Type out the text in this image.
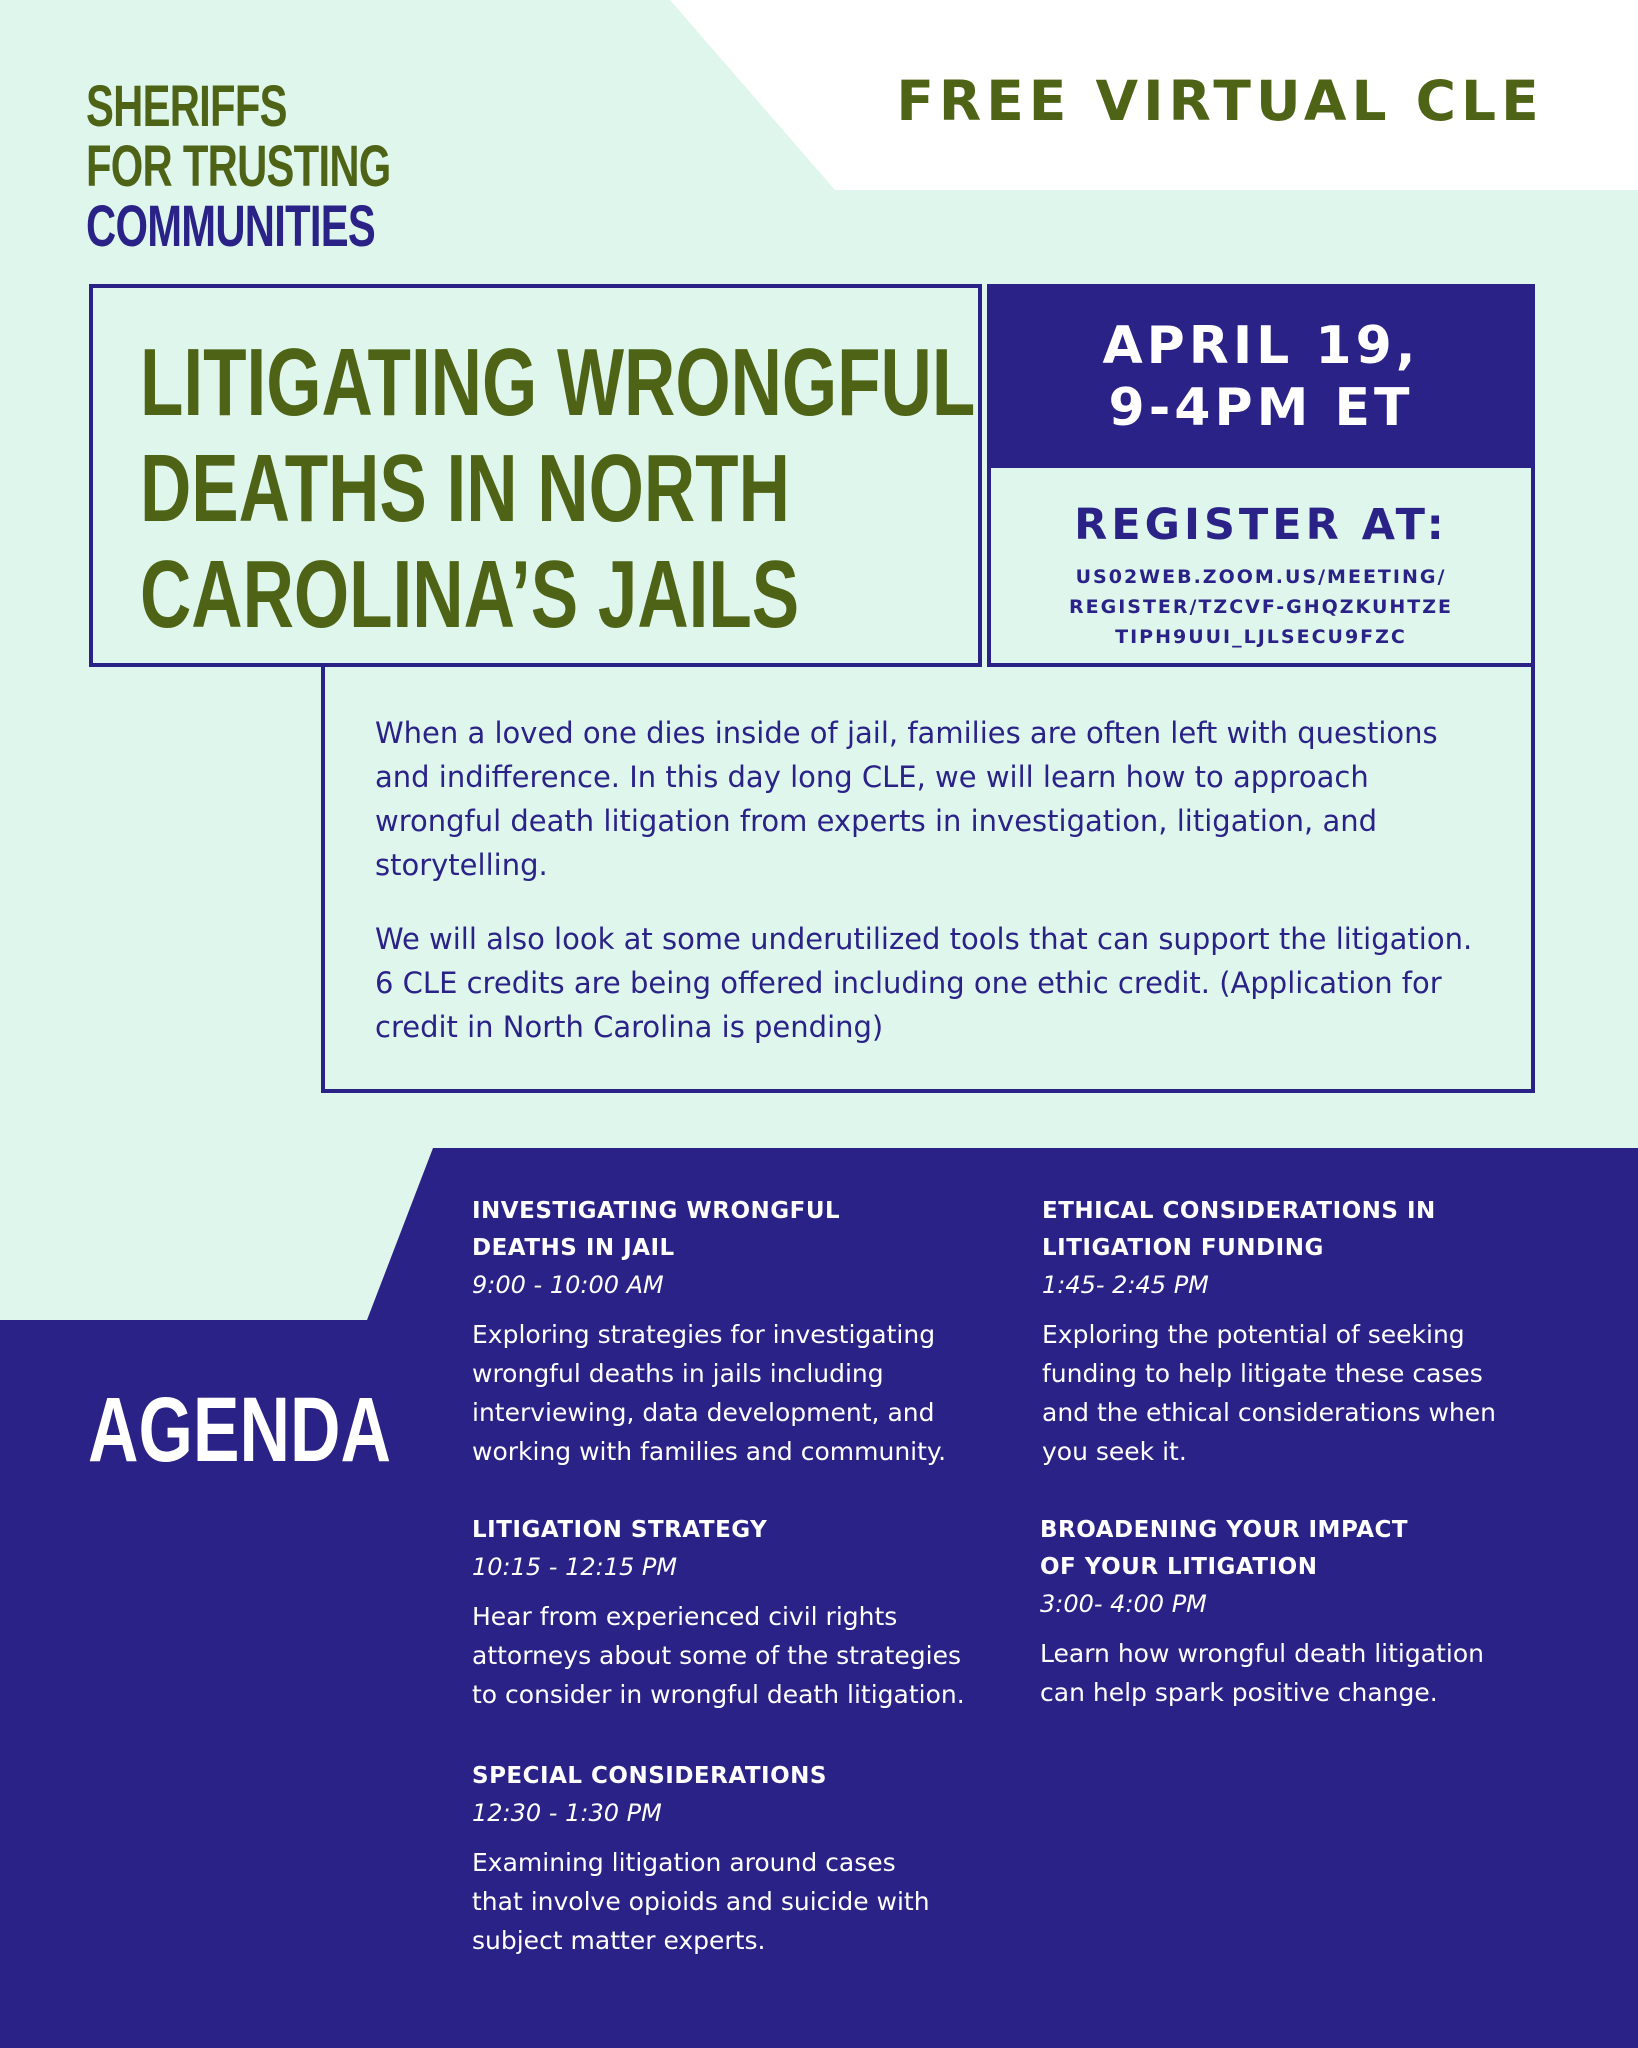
FREE VIRTUAL CLE
SHERIFFS
FOR TRUSTING
COMMUNITIES
LITIGATING WRONGFUL
DEATHS IN NORTH
CAROLINA’S JAILS
APRIL 19,
9-4PM ET
REGISTER AT:
US02WEB.ZOOM.US/MEETING/
REGISTER/TZCVF-GHQZKUHTZE
TIPH9UUI_LJLSECU9FZC

When a loved one dies inside of jail, families are often left with questions and indifference. In this day long CLE, we will learn how to approach wrongful death litigation from experts in investigation, litigation, and storytelling.

We will also look at some underutilized tools that can support the litigation. 6 CLE credits are being offered including one ethic credit. (Application for credit in North Carolina is pending)

AGENDA
INVESTIGATING WRONGFUL
DEATHS IN JAIL
9:00 - 10:00 AM
Exploring strategies for investigating
wrongful deaths in jails including
interviewing, data development, and
working with families and community.
LITIGATION STRATEGY
10:15 - 12:15 PM
Hear from experienced civil rights
attorneys about some of the strategies
to consider in wrongful death litigation.
SPECIAL CONSIDERATIONS
12:30 - 1:30 PM
Examining litigation around cases
that involve opioids and suicide with
subject matter experts.
ETHICAL CONSIDERATIONS IN
LITIGATION FUNDING
1:45- 2:45 PM
Exploring the potential of seeking
funding to help litigate these cases
and the ethical considerations when
you seek it.
BROADENING YOUR IMPACT
OF YOUR LITIGATION
3:00- 4:00 PM
Learn how wrongful death litigation
can help spark positive change.
